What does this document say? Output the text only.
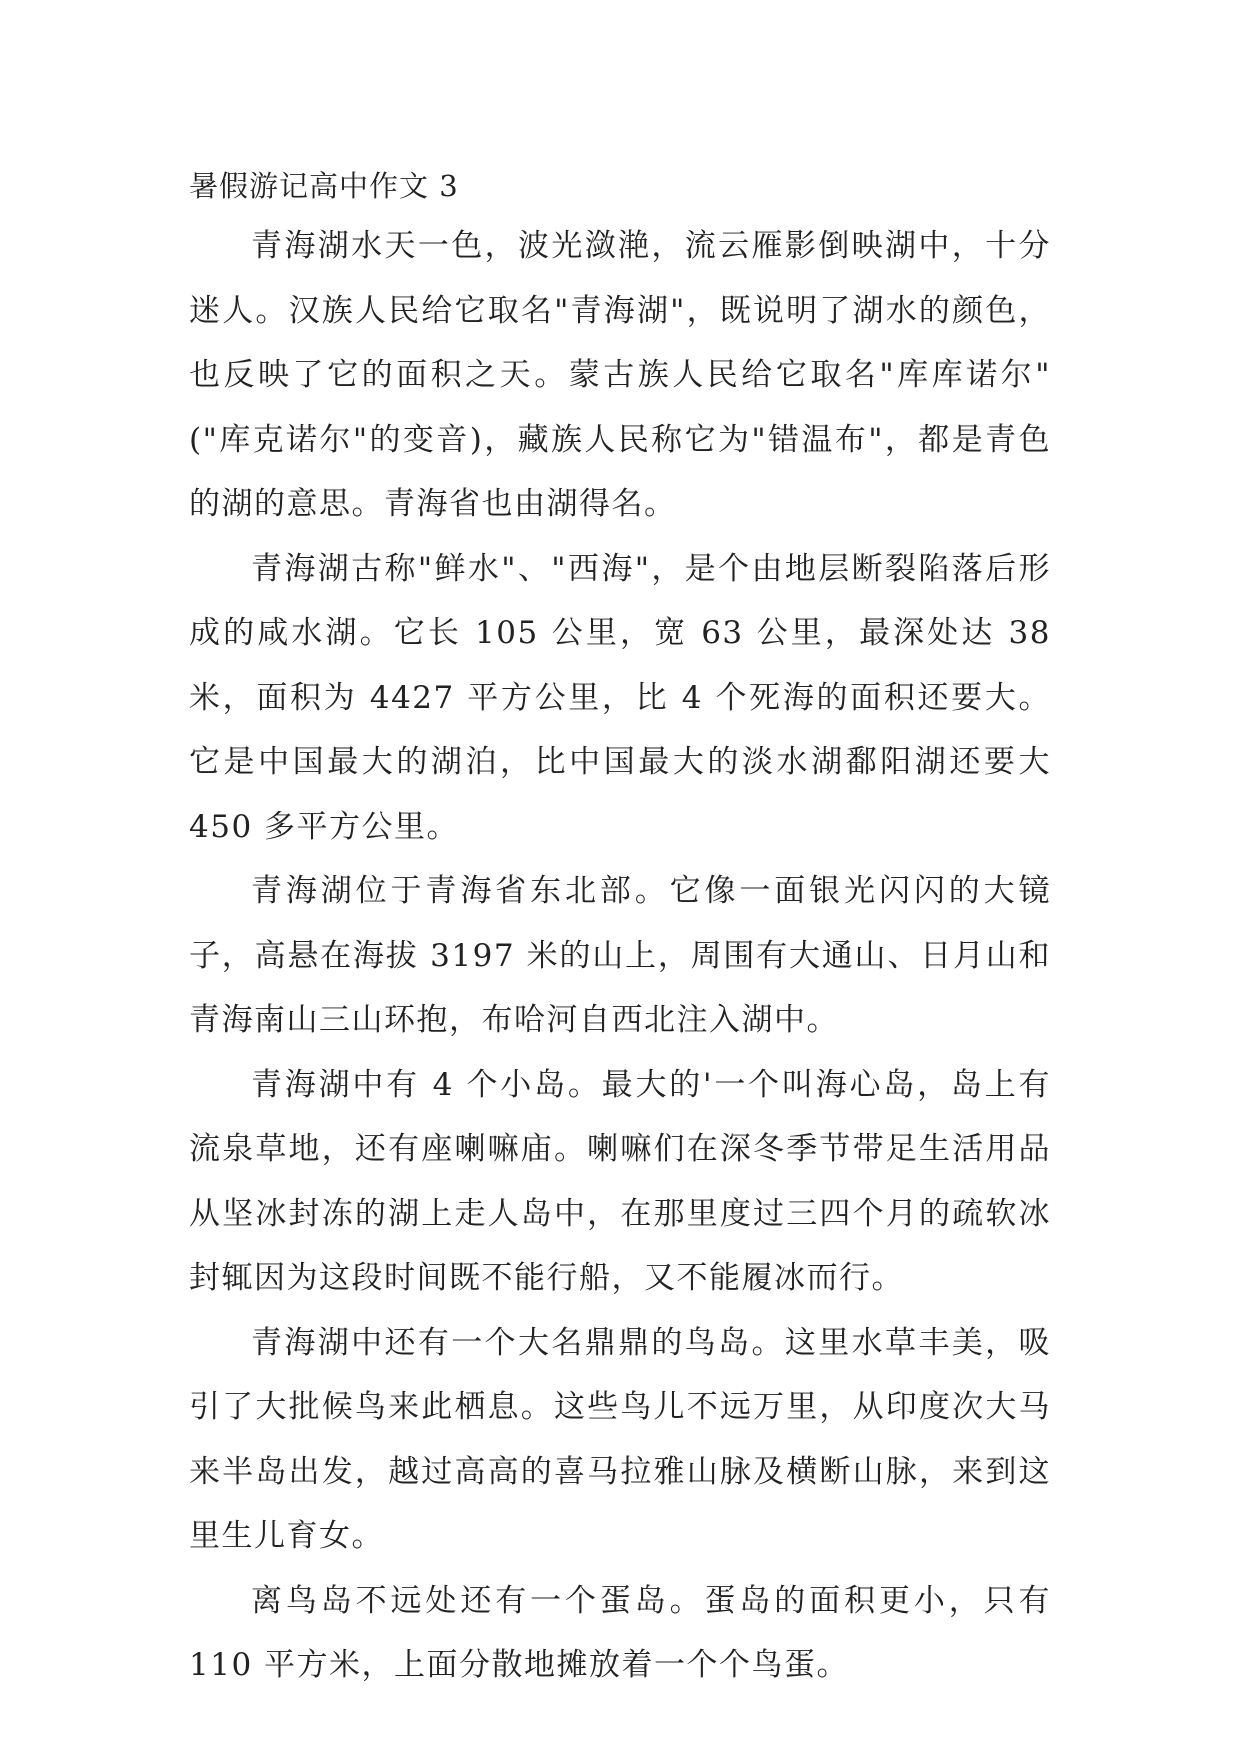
暑假游记高中作文 3

青海湖水天一色，波光潋滟，流云雁影倒映湖中，十分迷人。汉族人民给它取名"青海湖"，既说明了湖水的颜色，也反映了它的面积之天。蒙古族人民给它取名"库库诺尔"("库克诺尔"的变音)，藏族人民称它为"错温布"，都是青色的湖的意思。青海省也由湖得名。

青海湖古称"鲜水"、"西海"，是个由地层断裂陷落后形成的咸水湖。它长 105 公里，宽 63 公里，最深处达 38 米，面积为 4427 平方公里，比 4 个死海的面积还要大。它是中国最大的湖泊，比中国最大的淡水湖鄱阳湖还要大 450 多平方公里。

青海湖位于青海省东北部。它像一面银光闪闪的大镜子，高悬在海拔 3197 米的山上，周围有大通山、日月山和青海南山三山环抱，布哈河自西北注入湖中。

青海湖中有 4 个小岛。最大的'一个叫海心岛，岛上有流泉草地，还有座喇嘛庙。喇嘛们在深冬季节带足生活用品从坚冰封冻的湖上走人岛中，在那里度过三四个月的疏软冰封辄因为这段时间既不能行船，又不能履冰而行。

青海湖中还有一个大名鼎鼎的鸟岛。这里水草丰美，吸引了大批候鸟来此栖息。这些鸟儿不远万里，从印度次大马来半岛出发，越过高高的喜马拉雅山脉及横断山脉，来到这里生儿育女。

离鸟岛不远处还有一个蛋岛。蛋岛的面积更小，只有 110 平方米，上面分散地摊放着一个个鸟蛋。
